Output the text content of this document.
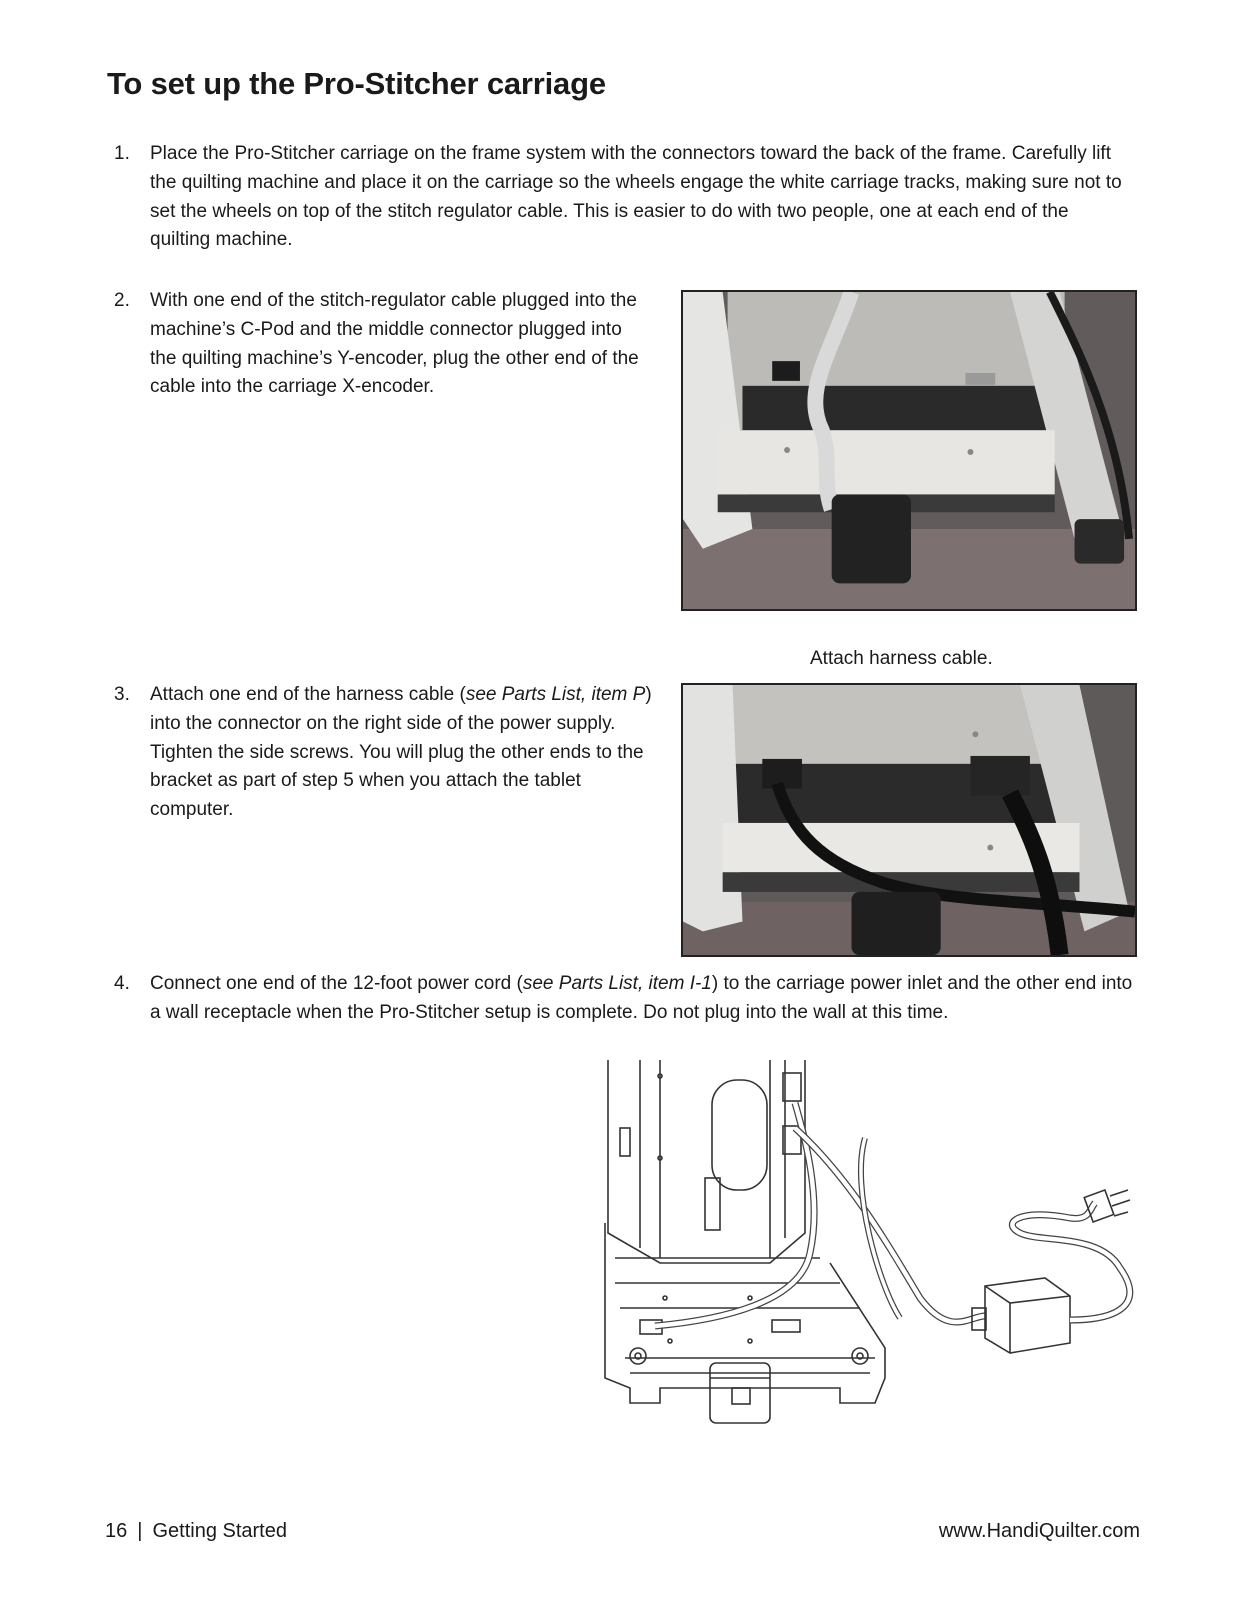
To set up the Pro-Stitcher carriage
1.	Place the Pro-Stitcher carriage on the frame system with the connectors toward the back of the frame. Carefully lift the quilting machine and place it on the carriage so the wheels engage the white carriage tracks, making sure not to set the wheels on top of the stitch regulator cable. This is easier to do with two people, one at each end of the quilting machine.
2.	With one end of the stitch-regulator cable plugged into the machine’s C-Pod and the middle connector plugged into the quilting machine’s Y-encoder, plug the other end of the cable into the carriage X-encoder.
Attach harness cable.
3.	Attach one end of the harness cable (see Parts List, item P) into the connector on the right side of the power supply. Tighten the side screws. You will plug the other ends to the bracket as part of step 5 when you attach the tablet computer.
4.	Connect one end of the 12-foot power cord (see Parts List, item I-1) to the carriage power inlet and the other end into a wall receptacle when the Pro-Stitcher setup is complete. Do not plug into the wall at this time.
16 | Getting Started	www.HandiQuilter.com
